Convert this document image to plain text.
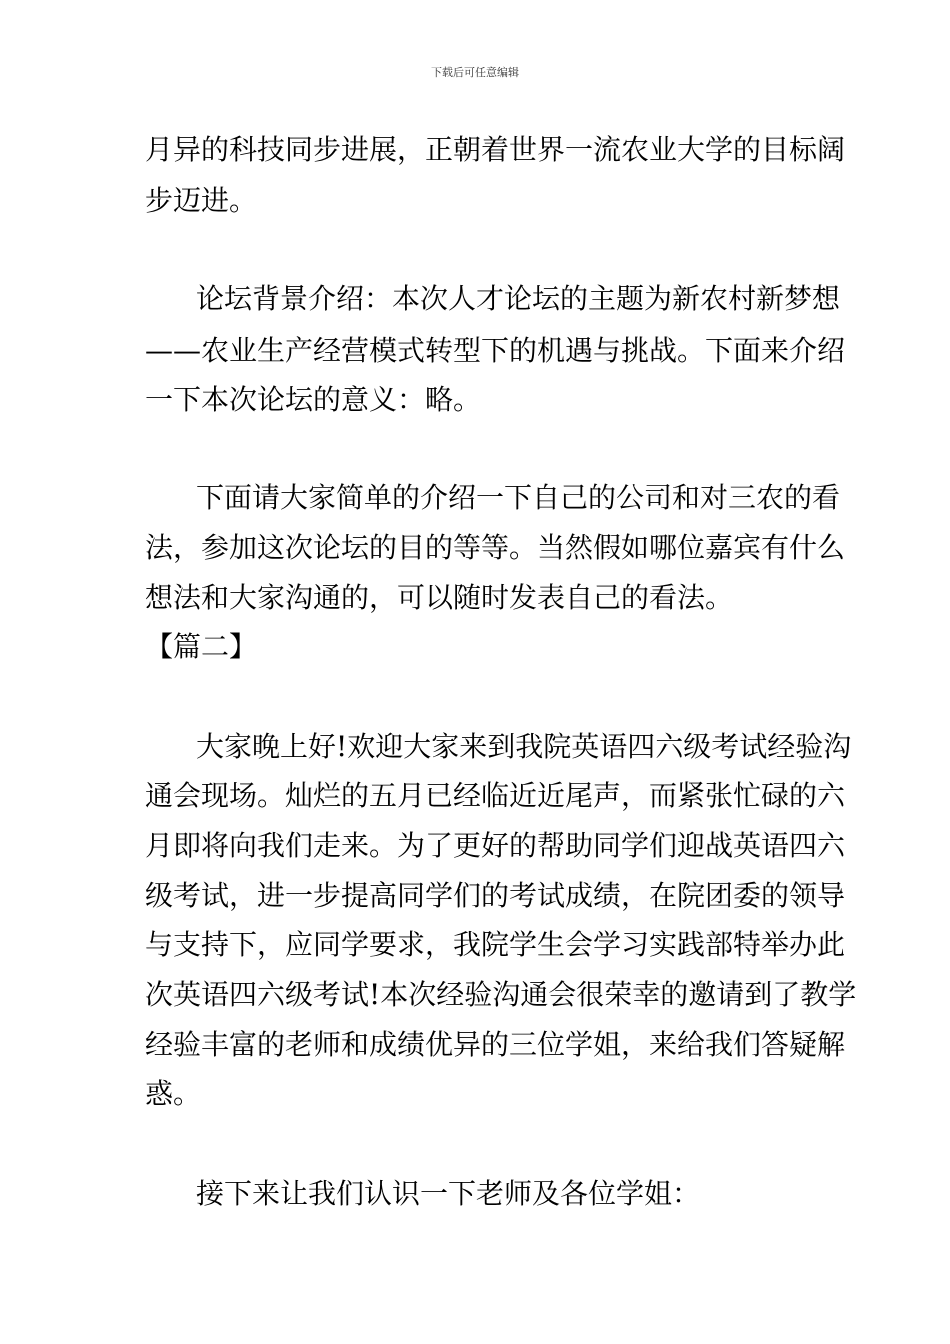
下载后可任意编辑
月异的科技同步进展，正朝着世界一流农业大学的目标阔
步迈进。
论坛背景介绍：本次人才论坛的主题为新农村新梦想
——农业生产经营模式转型下的机遇与挑战。下面来介绍
一下本次论坛的意义：略。
下面请大家简单的介绍一下自己的公司和对三农的看
法，参加这次论坛的目的等等。当然假如哪位嘉宾有什么
想法和大家沟通的，可以随时发表自己的看法。
【篇二】
大家晚上好!欢迎大家来到我院英语四六级考试经验沟
通会现场。灿烂的五月已经临近近尾声，而紧张忙碌的六
月即将向我们走来。为了更好的帮助同学们迎战英语四六
级考试，进一步提高同学们的考试成绩，在院团委的领导
与支持下，应同学要求，我院学生会学习实践部特举办此
次英语四六级考试!本次经验沟通会很荣幸的邀请到了教学
经验丰富的老师和成绩优异的三位学姐，来给我们答疑解
惑。
接下来让我们认识一下老师及各位学姐：
